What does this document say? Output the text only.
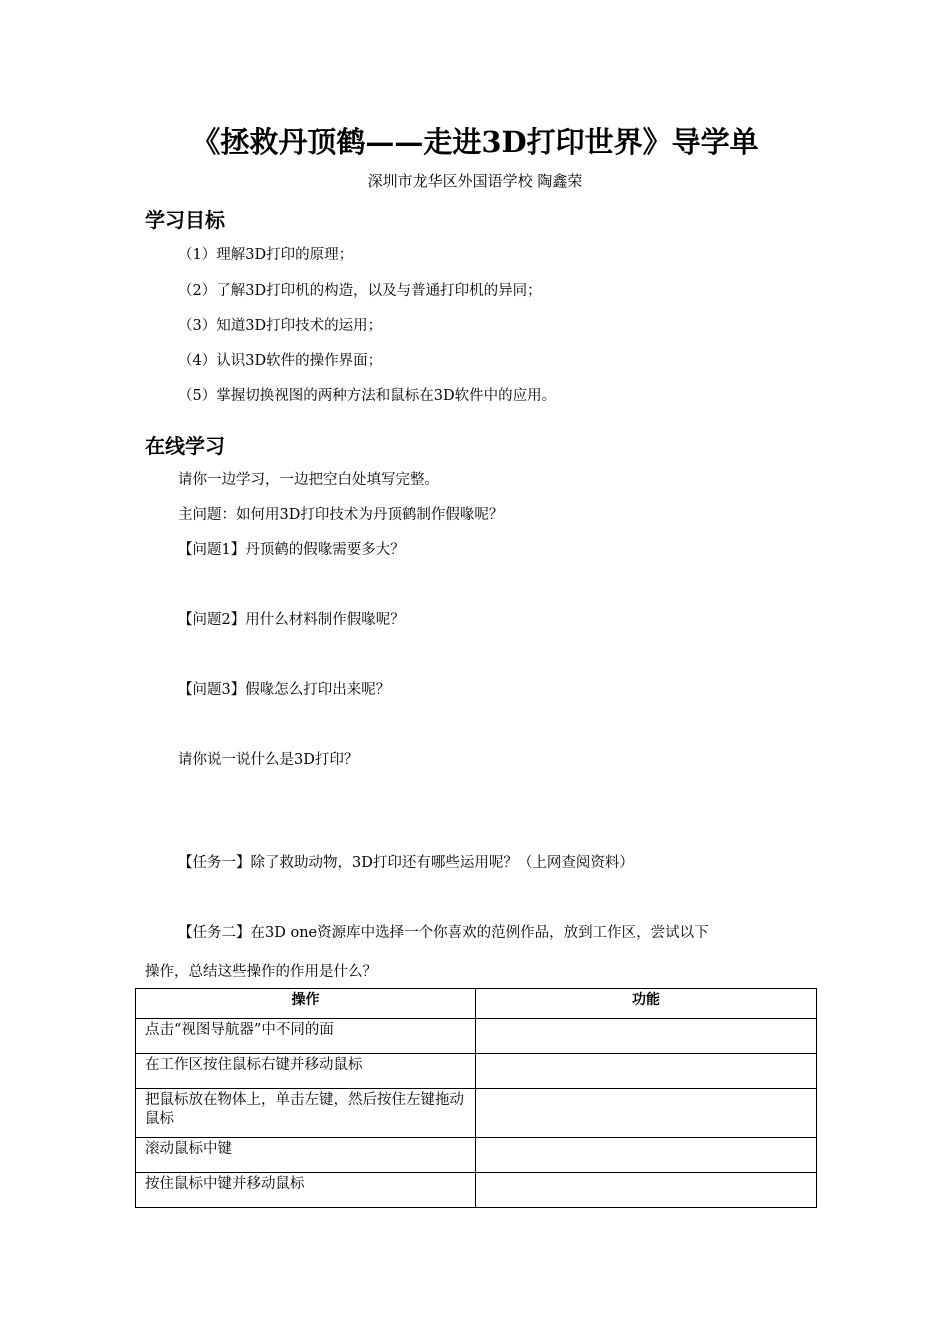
《拯救丹顶鹤——走进3D打印世界》导学单
深圳市龙华区外国语学校 陶鑫荣
学习目标
（1）理解3D打印的原理；
（2）了解3D打印机的构造，以及与普通打印机的异同；
（3）知道3D打印技术的运用；
（4）认识3D软件的操作界面；
（5）掌握切换视图的两种方法和鼠标在3D软件中的应用。
在线学习
请你一边学习，一边把空白处填写完整。
主问题：如何用3D打印技术为丹顶鹤制作假喙呢？
【问题1】丹顶鹤的假喙需要多大？
【问题2】用什么材料制作假喙呢？
【问题3】假喙怎么打印出来呢？
请你说一说什么是3D打印？
【任务一】除了救助动物，3D打印还有哪些运用呢？（上网查阅资料）
【任务二】在3D one资源库中选择一个你喜欢的范例作品，放到工作区，尝试以下
操作，总结这些操作的作用是什么？
操作	功能
点击“视图导航器”中不同的面	
在工作区按住鼠标右键并移动鼠标	
把鼠标放在物体上，单击左键，然后按住左键拖动鼠标	
滚动鼠标中键	
按住鼠标中键并移动鼠标	
